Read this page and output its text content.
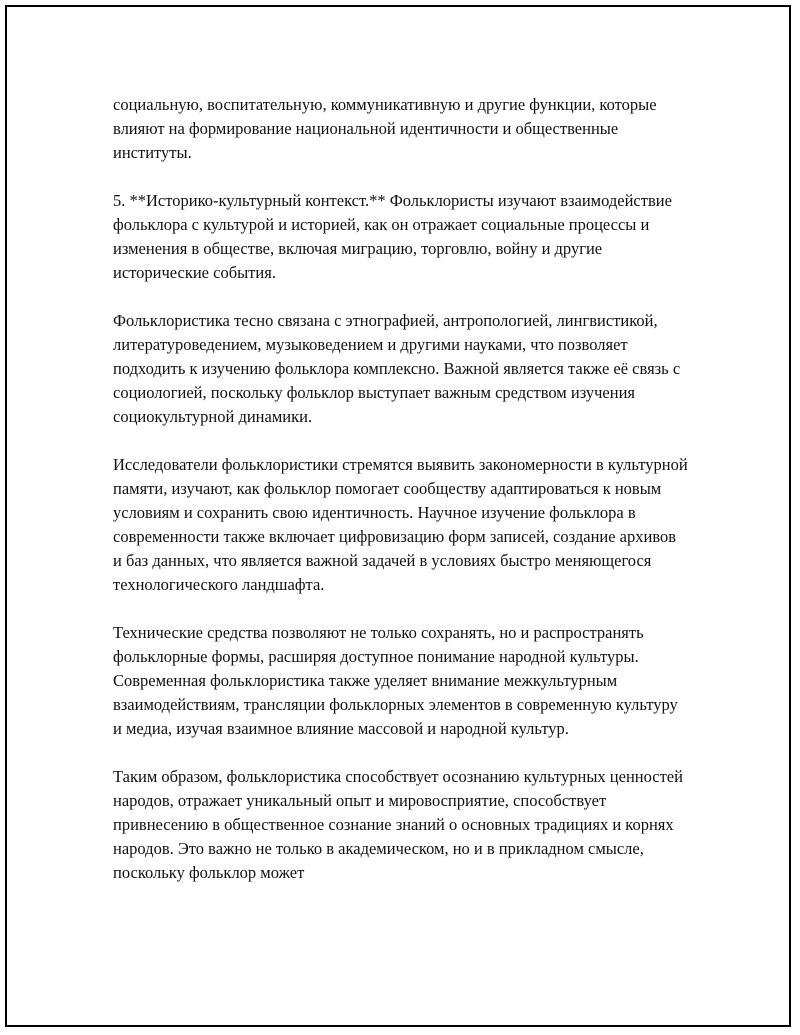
социальную, воспитательную, коммуникативную и другие функции, которые влияют на формирование национальной идентичности и общественные институты.

5. **Историко-культурный контекст.** Фольклористы изучают взаимодействие фольклора с культурой и историей, как он отражает социальные процессы и изменения в обществе, включая миграцию, торговлю, войну и другие исторические события.

Фольклористика тесно связана с этнографией, антропологией, лингвистикой, литературоведением, музыковедением и другими науками, что позволяет подходить к изучению фольклора комплексно. Важной является также её связь с социологией, поскольку фольклор выступает важным средством изучения социокультурной динамики.

Исследователи фольклористики стремятся выявить закономерности в культурной памяти, изучают, как фольклор помогает сообществу адаптироваться к новым условиям и сохранить свою идентичность. Научное изучение фольклора в современности также включает цифровизацию форм записей, создание архивов и баз данных, что является важной задачей в условиях быстро меняющегося технологического ландшафта.

Технические средства позволяют не только сохранять, но и распространять фольклорные формы, расширяя доступное понимание народной культуры. Современная фольклористика также уделяет внимание межкультурным взаимодействиям, трансляции фольклорных элементов в современную культуру и медиа, изучая взаимное влияние массовой и народной культур.

Таким образом, фольклористика способствует осознанию культурных ценностей народов, отражает уникальный опыт и мировосприятие, способствует привнесению в общественное сознание знаний о основных традициях и корнях народов. Это важно не только в академическом, но и в прикладном смысле, поскольку фольклор может
